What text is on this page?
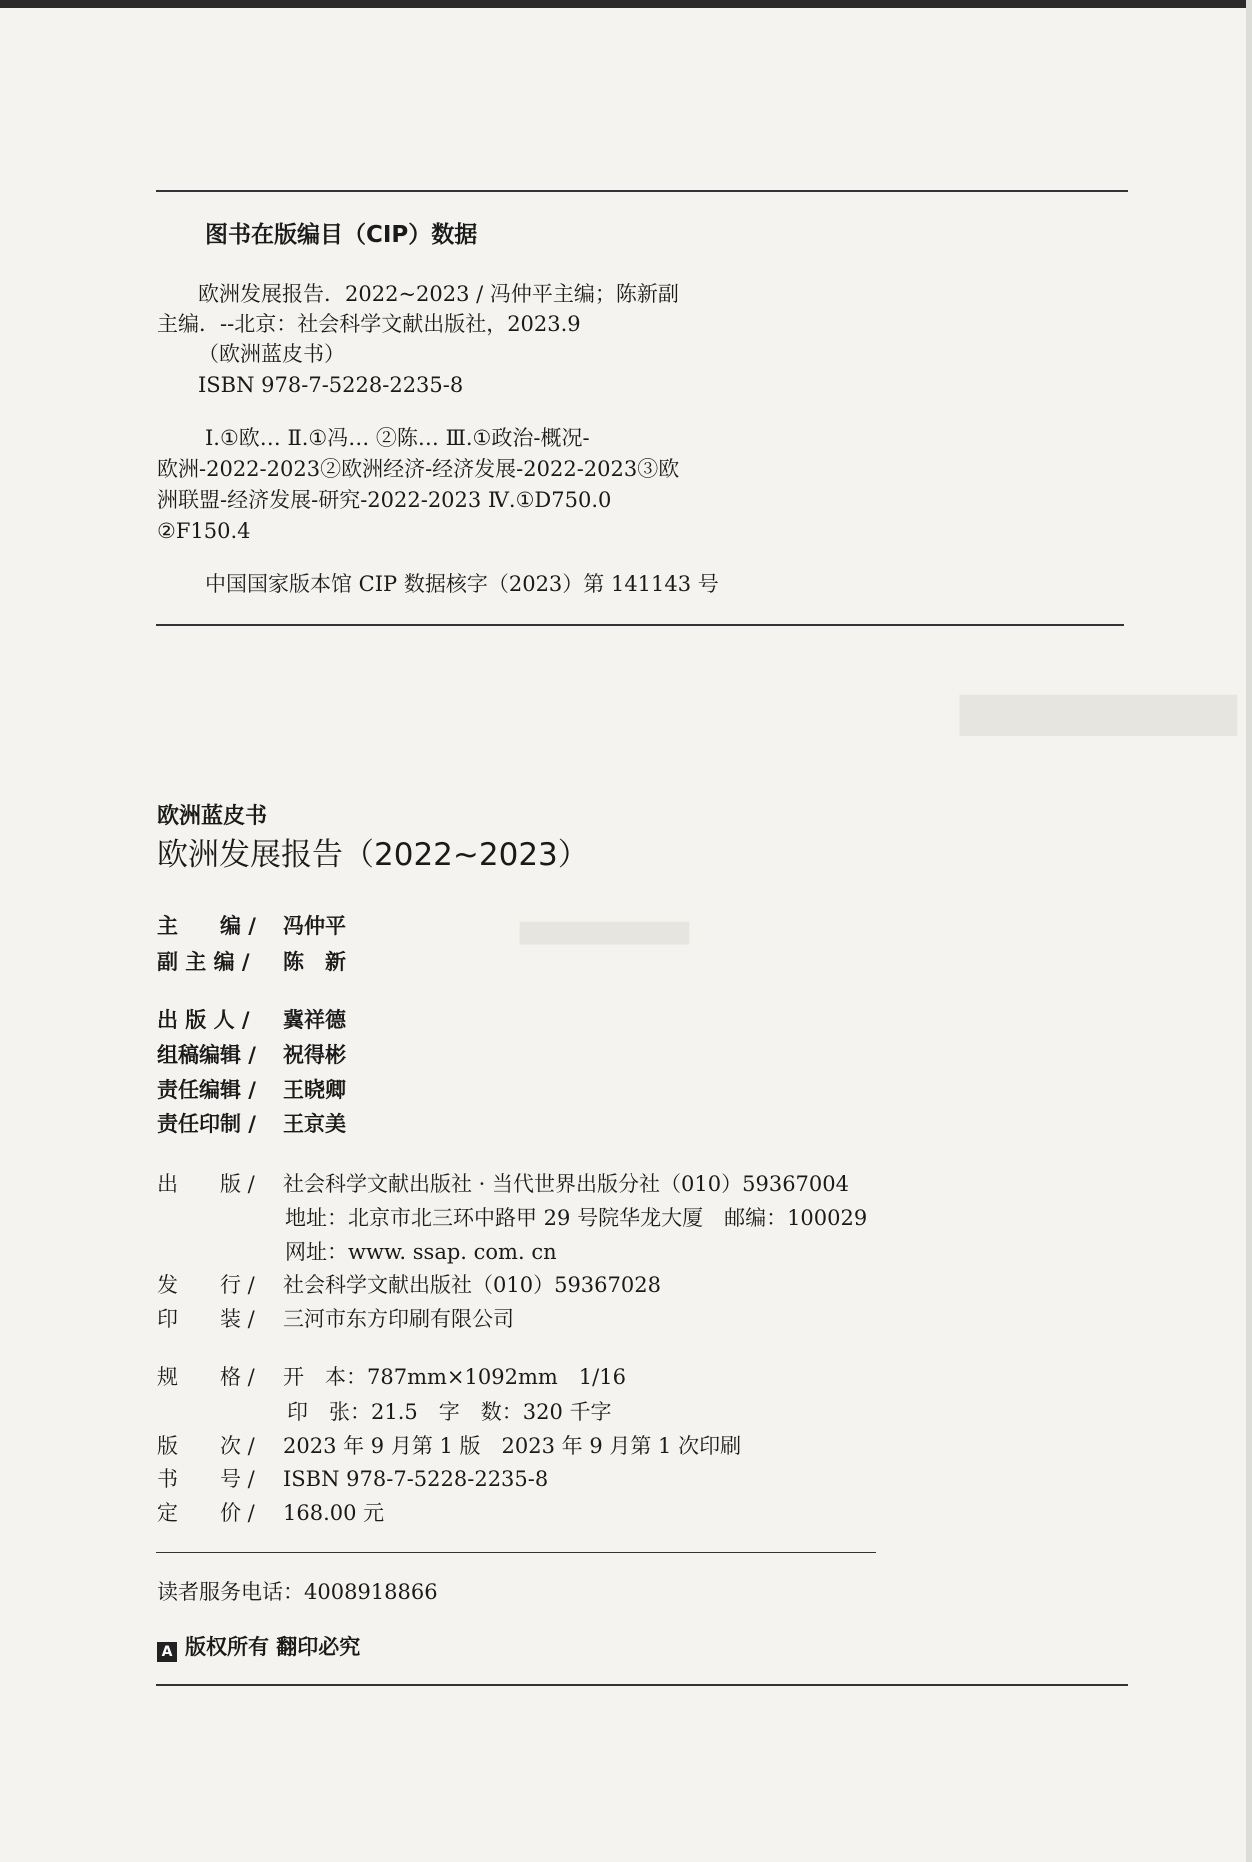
▇▇▇▇▇▇▇▇▇
▇▇▇▇▇▇▇▇▇▇
图书在版编目（CIP）数据
欧洲发展报告．2022~2023 / 冯仲平主编；陈新副
主编．--北京：社会科学文献出版社，2023.9
（欧洲蓝皮书）
ISBN 978-7-5228-2235-8
Ⅰ.①欧… Ⅱ.①冯… ②陈… Ⅲ.①政治-概况-
欧洲-2022-2023②欧洲经济-经济发展-2022-2023③欧
洲联盟-经济发展-研究-2022-2023 Ⅳ.①D750.0
②F150.4
中国国家版本馆 CIP 数据核字（2023）第 141143 号
欧洲蓝皮书
欧洲发展报告（2022~2023）
主　　编 / 冯仲平
副 主 编 / 陈　新
出 版 人 / 冀祥德
组稿编辑 / 祝得彬
责任编辑 / 王晓卿
责任印制 / 王京美
出　　版 / 社会科学文献出版社 · 当代世界出版分社（010）59367004
地址：北京市北三环中路甲 29 号院华龙大厦　邮编：100029
网址：www. ssap. com. cn
发　　行 / 社会科学文献出版社（010）59367028
印　　装 / 三河市东方印刷有限公司
规　　格 / 开　本：787mm×1092mm　1/16
印　张：21.5　字　数：320 千字
版　　次 / 2023 年 9 月第 1 版　2023 年 9 月第 1 次印刷
书　　号 / ISBN 978-7-5228-2235-8
定　　价 / 168.00 元
读者服务电话：4008918866
A 版权所有 翻印必究
